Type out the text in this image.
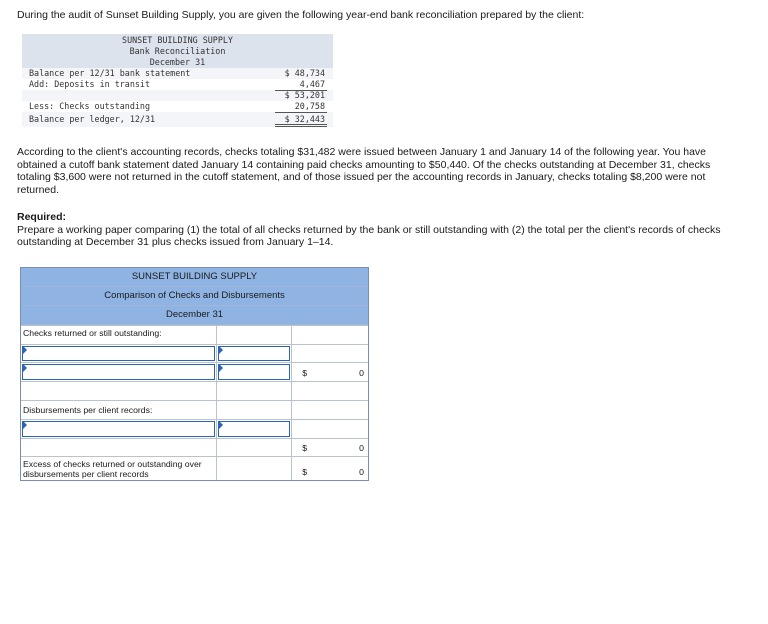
During the audit of Sunset Building Supply, you are given the following year-end bank reconciliation prepared by the client:
SUNSET BUILDING SUPPLY
Bank Reconciliation
December 31
Balance per 12/31 bank statement	$ 48,734
Add: Deposits in transit	4,467
$ 53,201
Less: Checks outstanding	20,758
Balance per ledger, 12/31	$ 32,443
According to the client's accounting records, checks totaling $31,482 were issued between January 1 and January 14 of the following year. You have obtained a cutoff bank statement dated January 14 containing paid checks amounting to $50,440. Of the checks outstanding at December 31, checks totaling $3,600 were not returned in the cutoff statement, and of those issued per the accounting records in January, checks totaling $8,200 were not returned.
Required:
Prepare a working paper comparing (1) the total of all checks returned by the bank or still outstanding with (2) the total per the client's records of checks outstanding at December 31 plus checks issued from January 1–14.
SUNSET BUILDING SUPPLY
Comparison of Checks and Disbursements
December 31
Checks returned or still outstanding:
$	0
Disbursements per client records:
$	0
Excess of checks returned or outstanding over disbursements per client records	$	0
